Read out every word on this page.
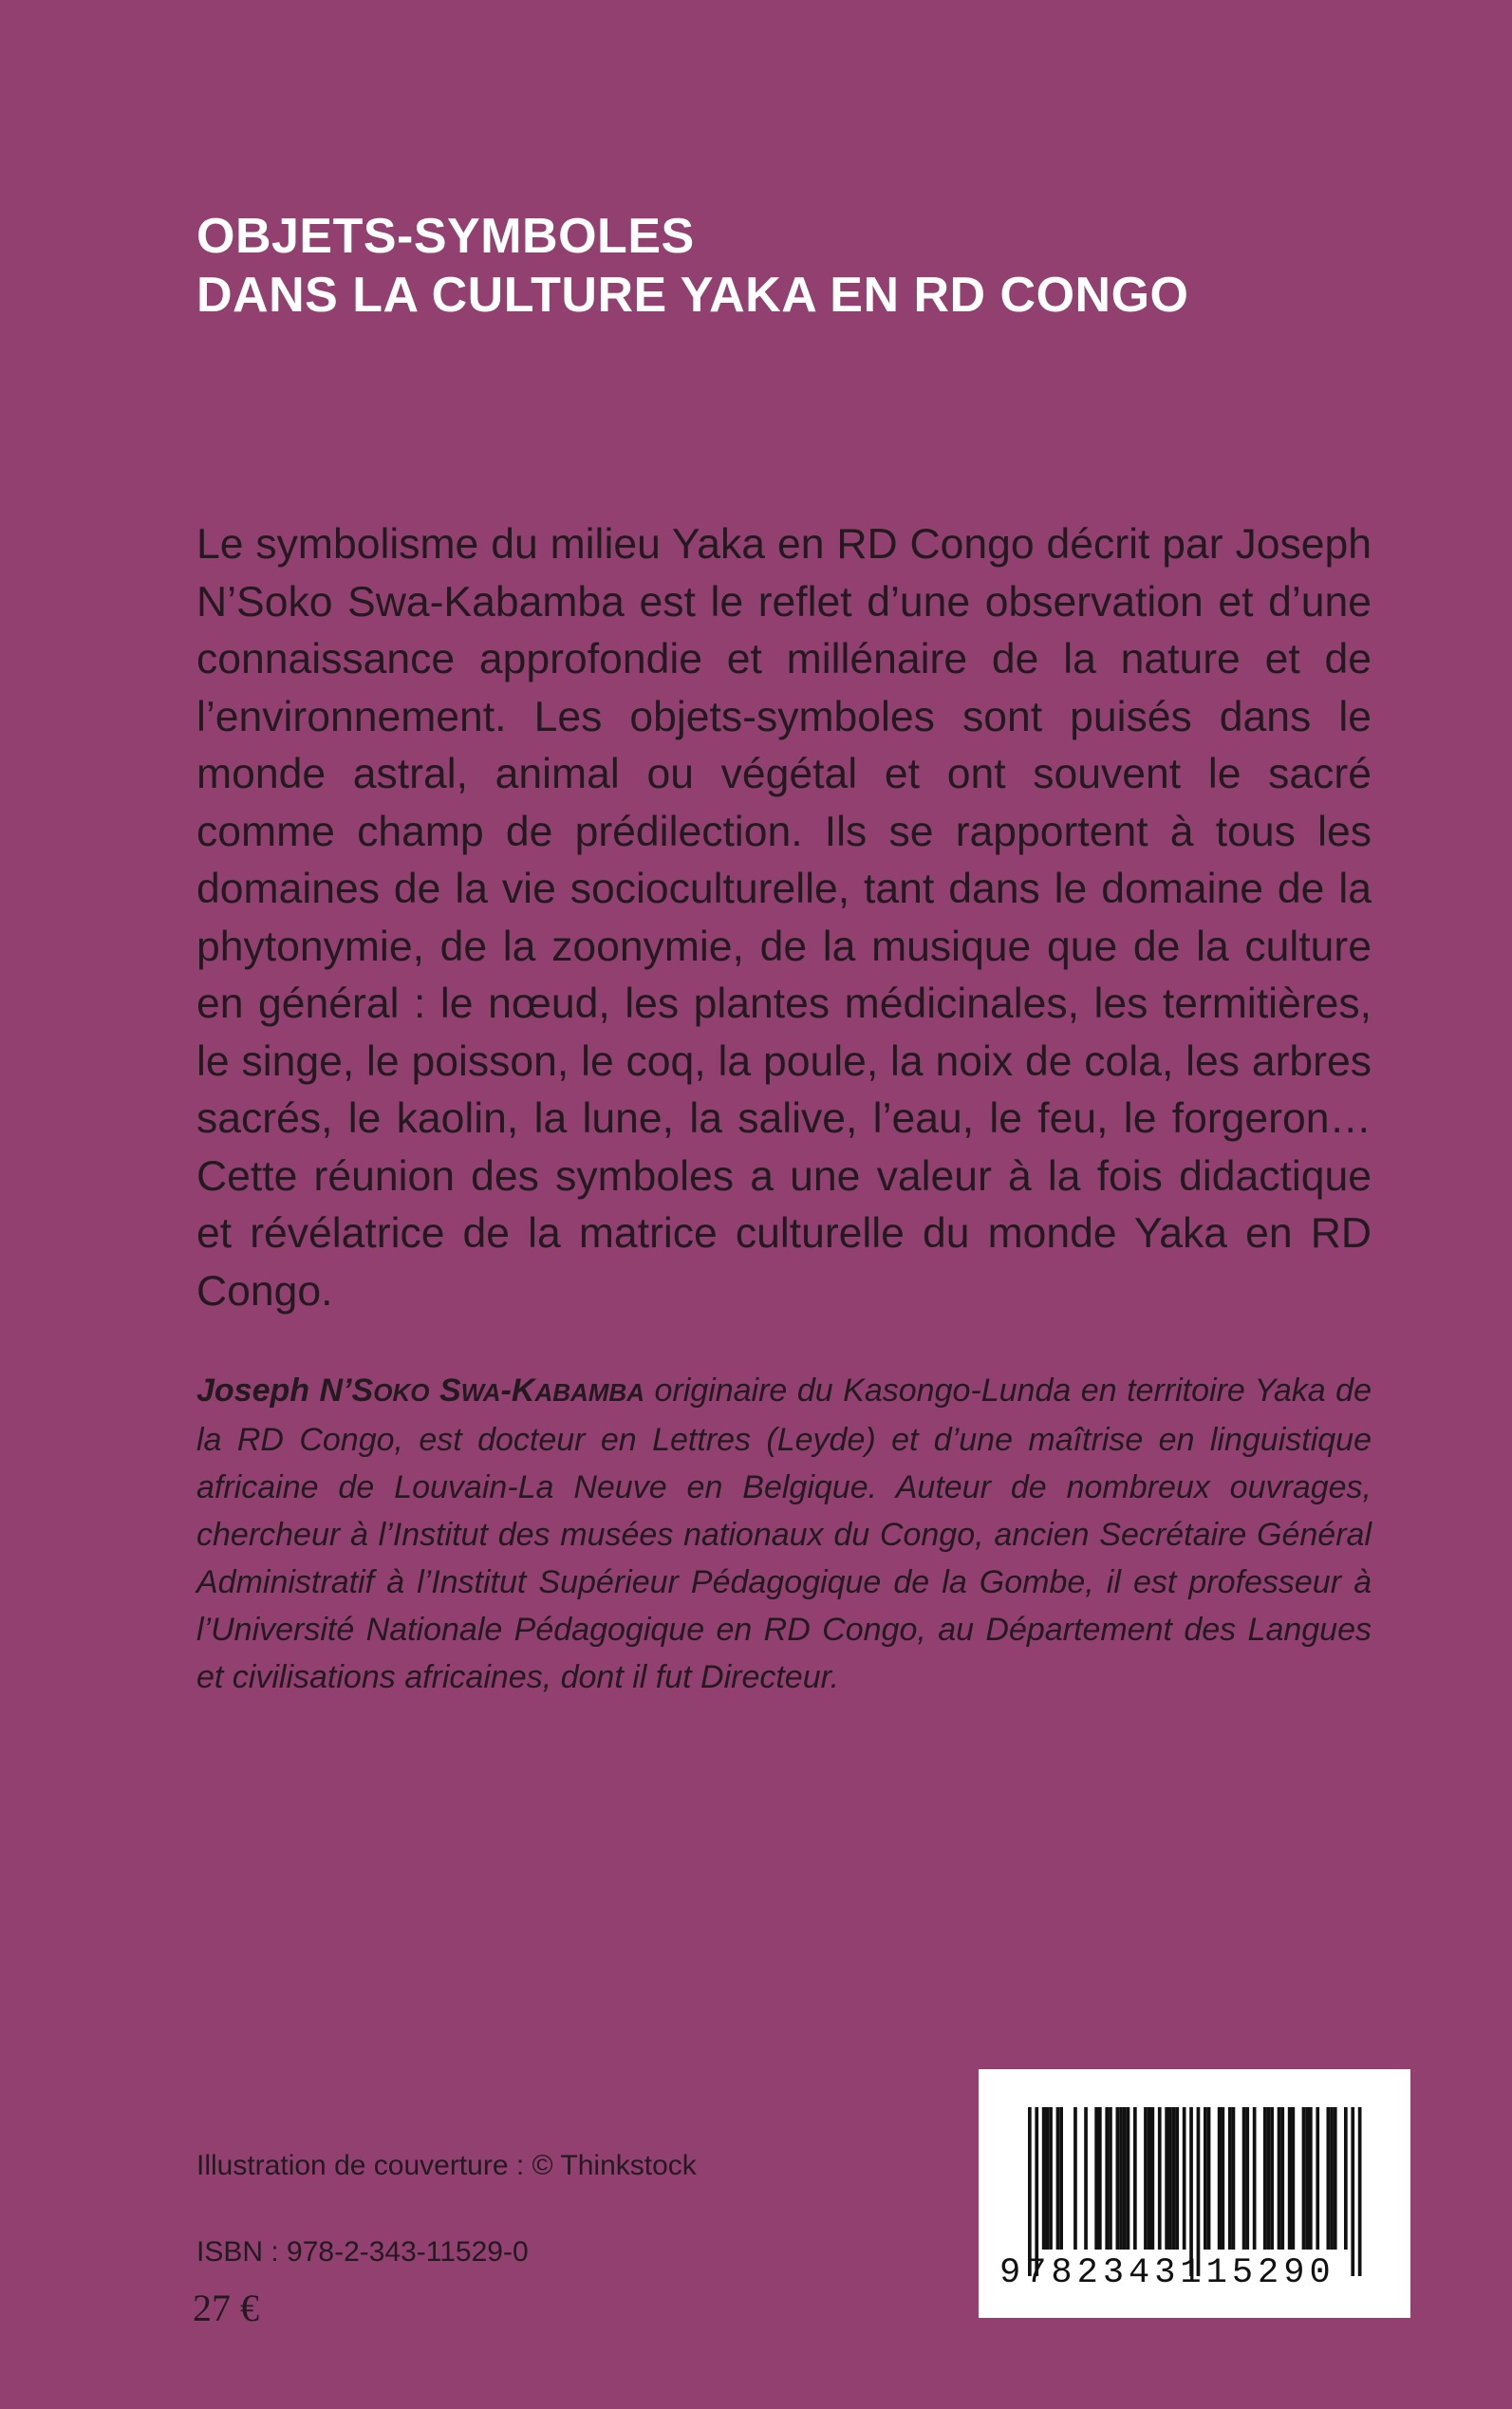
OBJETS-SYMBOLES
DANS LA CULTURE YAKA EN RD CONGO

Le symbolisme du milieu Yaka en RD Congo décrit par Joseph N’Soko Swa-Kabamba est le reflet d’une observation et d’une connaissance approfondie et millénaire de la nature et de l’environnement. Les objets-symboles sont puisés dans le monde astral, animal ou végétal et ont souvent le sacré comme champ de prédilection. Ils se rapportent à tous les domaines de la vie socioculturelle, tant dans le domaine de la phytonymie, de la zoonymie, de la musique que de la culture en général : le nœud, les plantes médicinales, les termitières, le singe, le poisson, le coq, la poule, la noix de cola, les arbres sacrés, le kaolin, la lune, la salive, l’eau, le feu, le forgeron… Cette réunion des symboles a une valeur à la fois didactique et révélatrice de la matrice culturelle du monde Yaka en RD Congo.

Joseph N’SOKO SWA-KABAMBA originaire du Kasongo-Lunda en territoire Yaka de la RD Congo, est docteur en Lettres (Leyde) et d’une maîtrise en linguistique africaine de Louvain-La Neuve en Belgique. Auteur de nombreux ouvrages, chercheur à l’Institut des musées nationaux du Congo, ancien Secrétaire Général Administratif à l’Institut Supérieur Pédagogique de la Gombe, il est professeur à l’Université Nationale Pédagogique en RD Congo, au Département des Langues et civilisations africaines, dont il fut Directeur.

Illustration de couverture : © Thinkstock

ISBN : 978-2-343-11529-0

27 €

9782343115290
